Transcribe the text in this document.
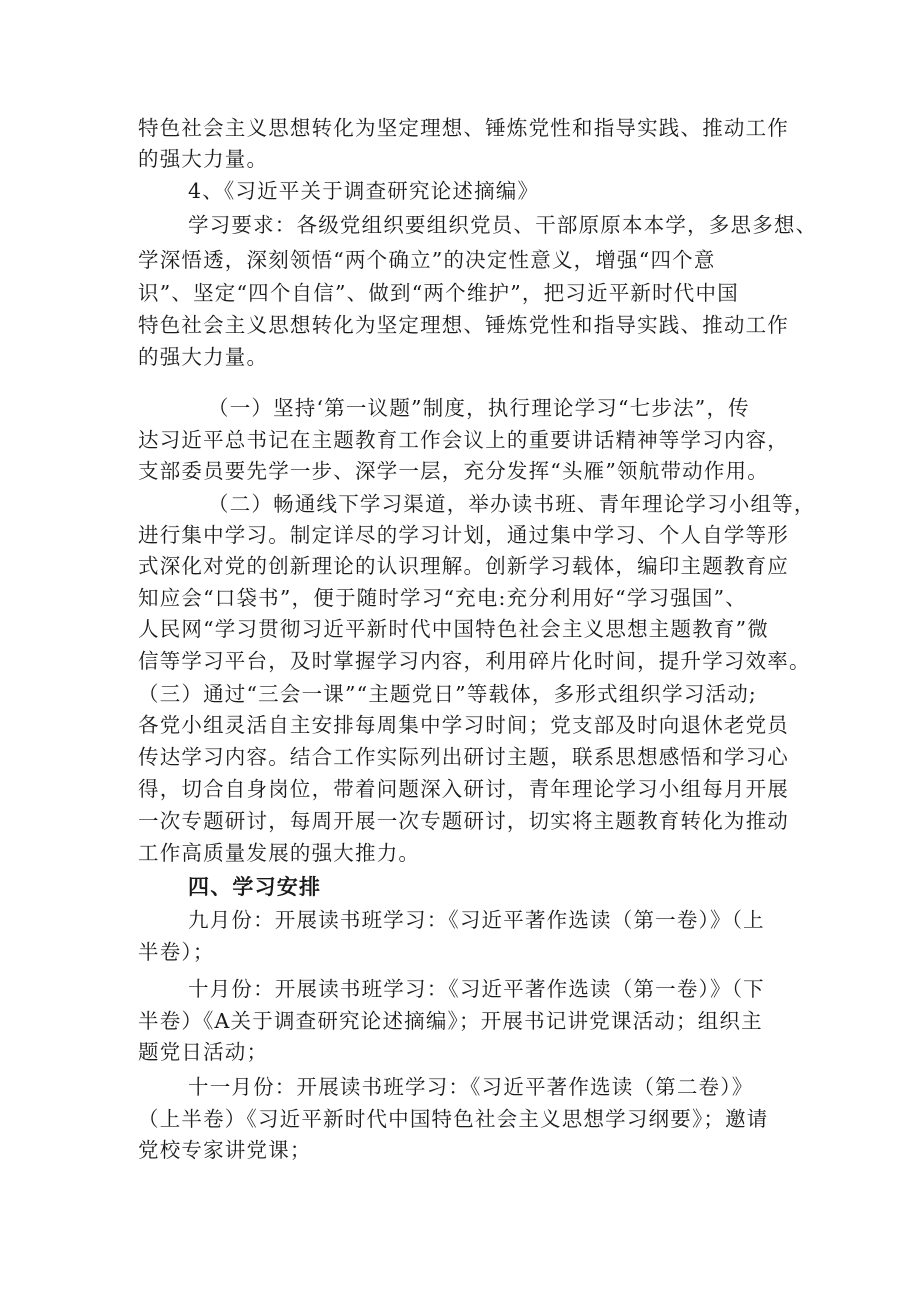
特色社会主义思想转化为坚定理想、锤炼党性和指导实践、推动工作
的强大力量。
4、《习近平关于调查研究论述摘编》
学习要求：各级党组织要组织党员、干部原原本本学，多思多想、
学深悟透，深刻领悟“两个确立”的决定性意义，增强“四个意
识”、坚定“四个自信”、做到“两个维护”，把习近平新时代中国
特色社会主义思想转化为坚定理想、锤炼党性和指导实践、推动工作
的强大力量。
（一）坚持‘第一议题”制度，执行理论学习“七步法”，传
达习近平总书记在主题教育工作会议上的重要讲话精神等学习内容，
支部委员要先学一步、深学一层，充分发挥“头雁”领航带动作用。
（二）畅通线下学习渠道，举办读书班、青年理论学习小组等，
进行集中学习。制定详尽的学习计划，通过集中学习、个人自学等形
式深化对党的创新理论的认识理解。创新学习载体，编印主题教育应
知应会“口袋书”，便于随时学习“充电:充分利用好“学习强国”、
人民网“学习贯彻习近平新时代中国特色社会主义思想主题教育”微
信等学习平台，及时掌握学习内容，利用碎片化时间，提升学习效率。
（三）通过“三会一课”“主题党日”等载体，多形式组织学习活动;
各党小组灵活自主安排每周集中学习时间；党支部及时向退休老党员
传达学习内容。结合工作实际列出研讨主题，联系思想感悟和学习心
得，切合自身岗位，带着问题深入研讨，青年理论学习小组每月开展
一次专题研讨，每周开展一次专题研讨，切实将主题教育转化为推动
工作高质量发展的强大推力。
四、学习安排
九月份：开展读书班学习：《习近平著作选读（第一卷）》（上
半卷）；
十月份：开展读书班学习：《习近平著作选读（第一卷）》（下
半卷）《A关于调查研究论述摘编》；开展书记讲党课活动；组织主
题党日活动；
十一月份：开展读书班学习：《习近平著作选读（第二卷）》
（上半卷）《习近平新时代中国特色社会主义思想学习纲要》；邀请
党校专家讲党课；
